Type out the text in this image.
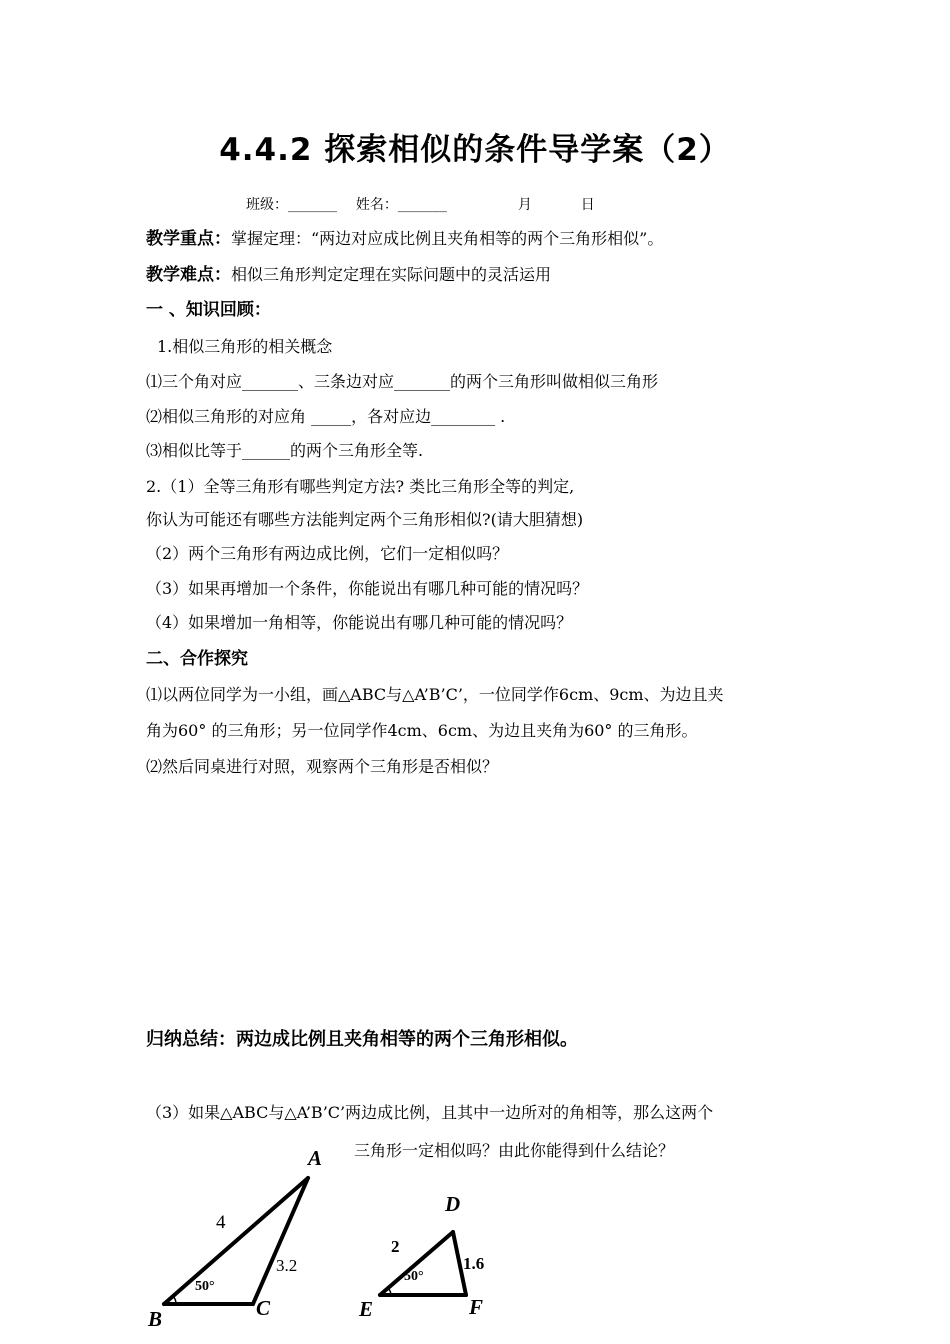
4.4.2 探索相似的条件导学案（2）
班级：_______ 姓名：_______	月	日
教学重点：掌握定理：“两边对应成比例且夹角相等的两个三角形相似”。
教学难点：相似三角形判定定理在实际问题中的灵活运用
一 、知识回顾：
1.相似三角形的相关概念
⑴三个角对应_______、三条边对应_______的两个三角形叫做相似三角形
⑵相似三角形的对应角 _____，各对应边________ .
⑶相似比等于______的两个三角形全等.
2.（1）全等三角形有哪些判定方法? 类比三角形全等的判定,
你认为可能还有哪些方法能判定两个三角形相似?(请大胆猜想)
（2）两个三角形有两边成比例，它们一定相似吗？
（3）如果再增加一个条件，你能说出有哪几种可能的情况吗？
（4）如果增加一角相等，你能说出有哪几种可能的情况吗？
二、合作探究
⑴以两位同学为一小组，画△ABC与△A’B’C’，一位同学作6cm、9cm、为边且夹
角为60° 的三角形；另一位同学作4cm、6cm、为边且夹角为60° 的三角形。
⑵然后同桌进行对照，观察两个三角形是否相似？
归纳总结：两边成比例且夹角相等的两个三角形相似。
（3）如果△ABC与△A’B’C’两边成比例，且其中一边所对的角相等，那么这两个
三角形一定相似吗？由此你能得到什么结论？
A
B	C
4
3.2
50°
D
E	F
2
1.6
50°
